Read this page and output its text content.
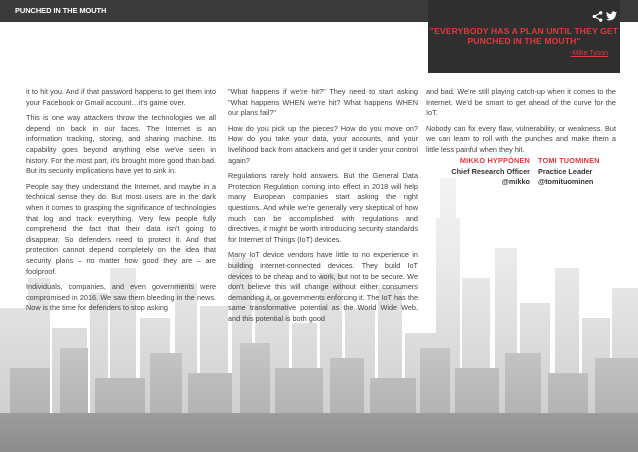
PUNCHED IN THE MOUTH
"EVERYBODY HAS A PLAN UNTIL THEY GET PUNCHED IN THE MOUTH"
-Mike Tyson

it to hit you. And if that password happens to get them into your Facebook or Gmail account…it's game over.

This is one way attackers throw the technologies we all depend on back in our faces. The Internet is an information tracking, storing, and sharing machine. Its capability goes beyond anything else we've seen in history. For the most part, it's brought more good than bad. But its security implications have yet to sink in.

People say they understand the Internet, and maybe in a technical sense they do. But most users are in the dark when it comes to grasping the significance of technologies that log and track everything. Very few people fully comprehend the fact that their data isn't going to disappear. So defenders need to protect it. And that protection cannot depend completely on the idea that security plans – no matter how good they are – are foolproof.

Individuals, companies, and even governments were compromised in 2016. We saw them bleeding in the news. Now is the time for defenders to stop asking

"What happens if we're hit?" They need to start asking "What happens WHEN we're hit? What happens WHEN our plans fail?"

How do you pick up the pieces? How do you move on? How do you take your data, your accounts, and your livelihood back from attackers and get it under your control again?

Regulations rarely hold answers. But the General Data Protection Regulation coming into effect in 2018 will help many European companies start asking the right questions. And while we're generally very skeptical of how much can be accomplished with regulations and directives, it might be worth introducing security standards for Internet of Things (IoT) devices.

Many IoT device vendors have little to no experience in building internet-connected devices. They build IoT devices to be cheap and to work, but not to be secure. We don't believe this will change without either consumers demanding it, or governments enforcing it. The IoT has the same transformative potential as the World Wide Web, and this potential is both good

and bad. We're still playing catch-up when it comes to the Internet. We'd be smart to get ahead of the curve for the IoT.

Nobody can fix every flaw, vulnerability, or weakness. But we can learn to roll with the punches and make them a little less painful when they hit.

MIKKO HYPPÖNEN
Chief Research Officer
@mikko
TOMI TUOMINEN
Practice Leader
@tomituominen
